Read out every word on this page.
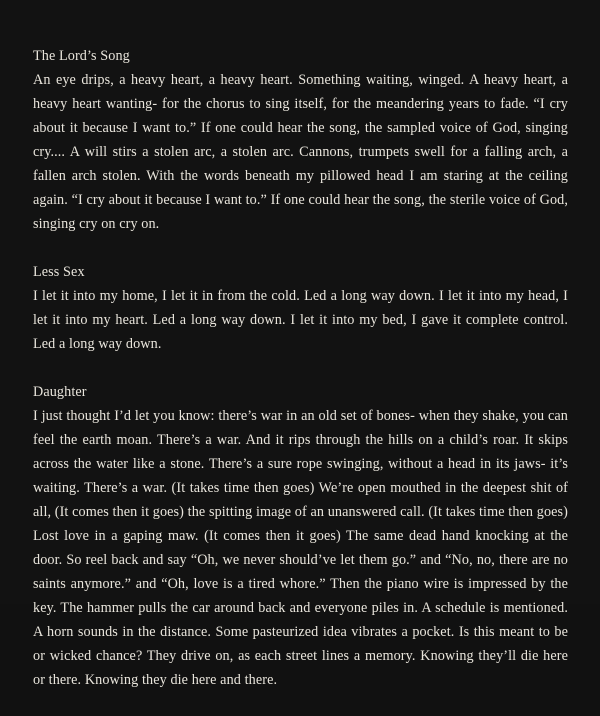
The Lord’s Song

An eye drips, a heavy heart, a heavy heart. Something waiting, winged. A heavy heart, a heavy heart wanting- for the chorus to sing itself, for the meandering years to fade. “I cry about it because I want to.” If one could hear the song, the sampled voice of God, singing cry.... A will stirs a stolen arc, a stolen arc. Cannons, trumpets swell for a falling arch, a fallen arch stolen. With the words beneath my pillowed head I am staring at the ceiling again. “I cry about it because I want to.” If one could hear the song, the sterile voice of God, singing cry on cry on.

Less Sex

I let it into my home, I let it in from the cold. Led a long way down. I let it into my head, I let it into my heart. Led a long way down. I let it into my bed, I gave it complete control. Led a long way down.

Daughter

I just thought I’d let you know: there’s war in an old set of bones- when they shake, you can feel the earth moan. There’s a war. And it rips through the hills on a child’s roar. It skips across the water like a stone. There’s a sure rope swinging, without a head in its jaws- it’s waiting. There’s a war. (It takes time then goes) We’re open mouthed in the deepest shit of all, (It comes then it goes) the spitting image of an unanswered call. (It takes time then goes) Lost love in a gaping maw. (It comes then it goes) The same dead hand knocking at the door. So reel back and say “Oh, we never should’ve let them go.” and “No, no, there are no saints anymore.” and “Oh, love is a tired whore.” Then the piano wire is impressed by the key. The hammer pulls the car around back and everyone piles in. A schedule is mentioned. A horn sounds in the distance. Some pasteurized idea vibrates a pocket. Is this meant to be or wicked chance? They drive on, as each street lines a memory. Knowing they’ll die here or there. Knowing they die here and there.
